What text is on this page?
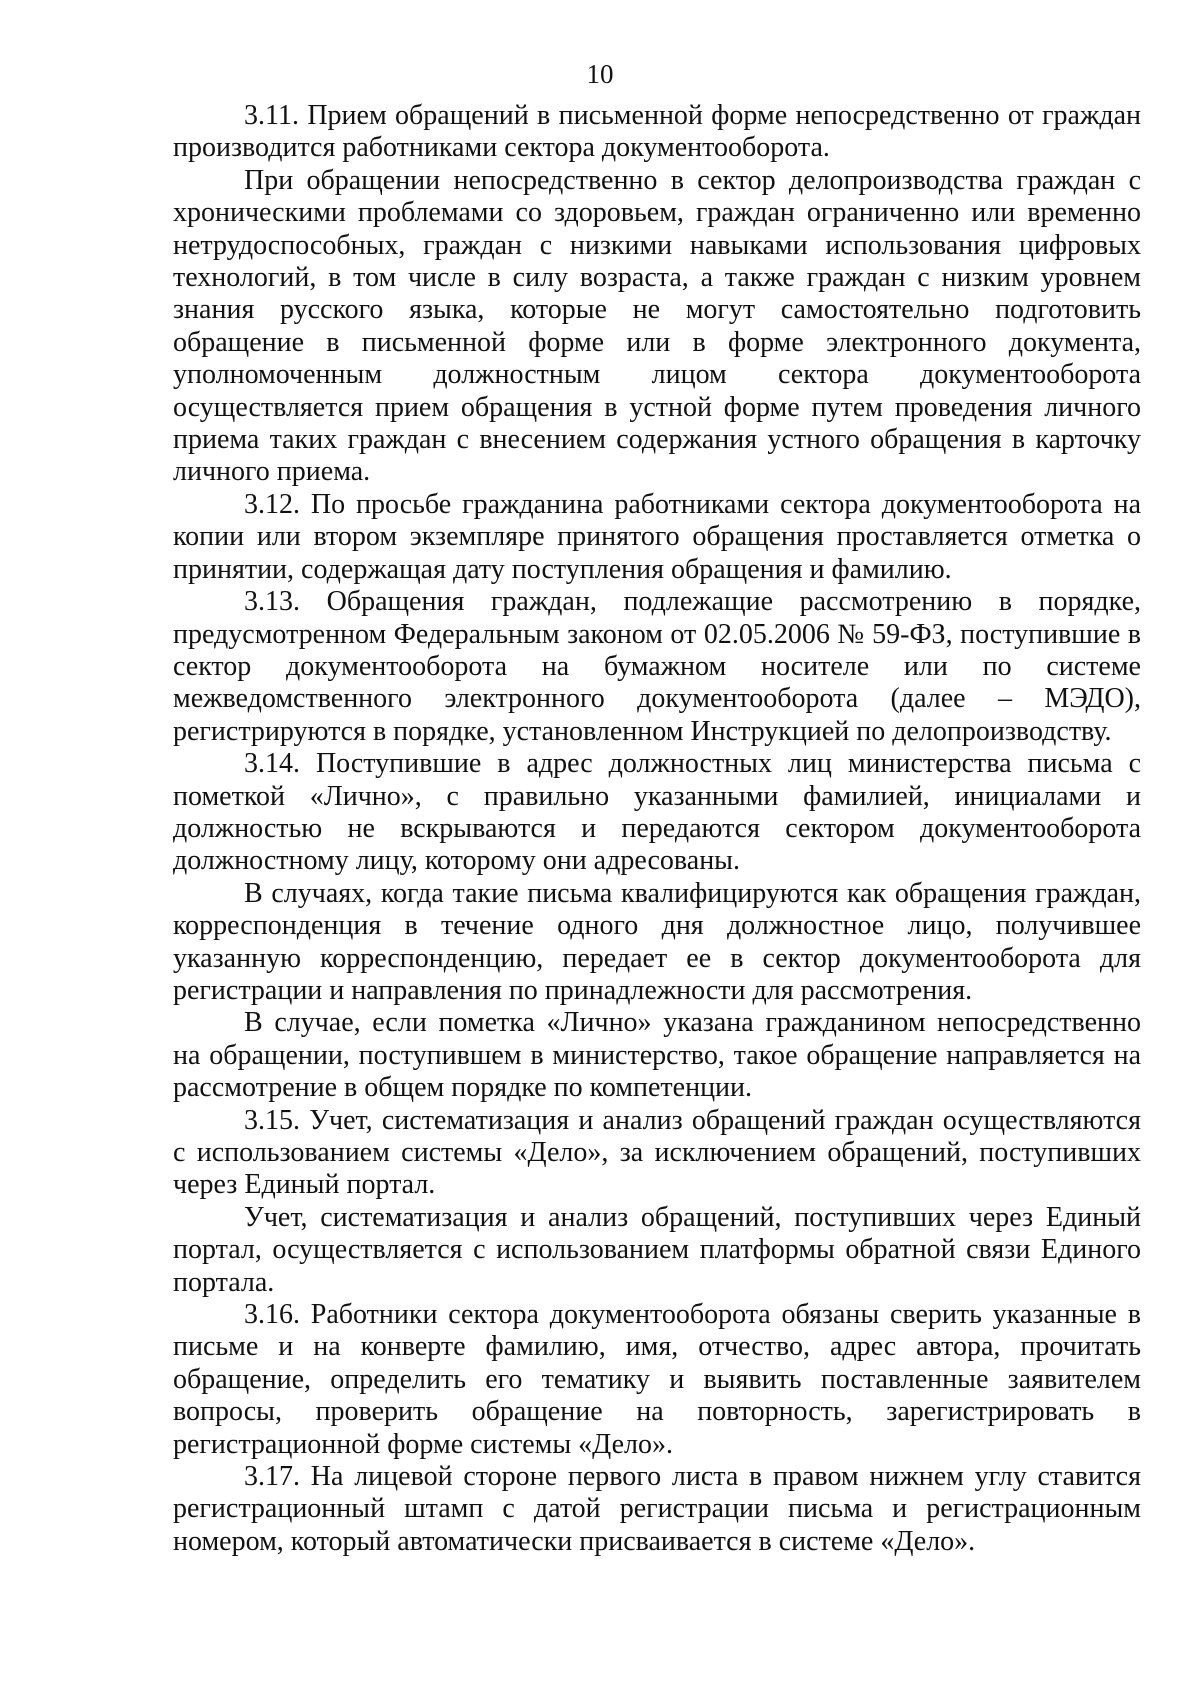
10

3.11. Прием обращений в письменной форме непосредственно от граждан производится работниками сектора документооборота.

При обращении непосредственно в сектор делопроизводства граждан с хроническими проблемами со здоровьем, граждан ограниченно или временно нетрудоспособных, граждан с низкими навыками использования цифровых технологий, в том числе в силу возраста, а также граждан с низким уровнем знания русского языка, которые не могут самостоятельно подготовить обращение в письменной форме или в форме электронного документа, уполномоченным должностным лицом сектора документооборота осуществляется прием обращения в устной форме путем проведения личного приема таких граждан с внесением содержания устного обращения в карточку личного приема.

3.12. По просьбе гражданина работниками сектора документооборота на копии или втором экземпляре принятого обращения проставляется отметка о принятии, содержащая дату поступления обращения и фамилию.

3.13. Обращения граждан, подлежащие рассмотрению в порядке, предусмотренном Федеральным законом от 02.05.2006 № 59-ФЗ, поступившие в сектор документооборота на бумажном носителе или по системе межведомственного электронного документооборота (далее – МЭДО), регистрируются в порядке, установленном Инструкцией по делопроизводству.

3.14. Поступившие в адрес должностных лиц министерства письма с пометкой «Лично», с правильно указанными фамилией, инициалами и должностью не вскрываются и передаются сектором документооборота должностному лицу, которому они адресованы.

В случаях, когда такие письма квалифицируются как обращения граждан, корреспонденция в течение одного дня должностное лицо, получившее указанную корреспонденцию, передает ее в сектор документооборота для регистрации и направления по принадлежности для рассмотрения.

В случае, если пометка «Лично» указана гражданином непосредственно на обращении, поступившем в министерство, такое обращение направляется на рассмотрение в общем порядке по компетенции.

3.15. Учет, систематизация и анализ обращений граждан осуществляются с использованием системы «Дело», за исключением обращений, поступивших через Единый портал.

Учет, систематизация и анализ обращений, поступивших через Единый портал, осуществляется с использованием платформы обратной связи Единого портала.

3.16. Работники сектора документооборота обязаны сверить указанные в письме и на конверте фамилию, имя, отчество, адрес автора, прочитать обращение, определить его тематику и выявить поставленные заявителем вопросы, проверить обращение на повторность, зарегистрировать в регистрационной форме системы «Дело».

3.17. На лицевой стороне первого листа в правом нижнем углу ставится регистрационный штамп с датой регистрации письма и регистрационным номером, который автоматически присваивается в системе «Дело».
